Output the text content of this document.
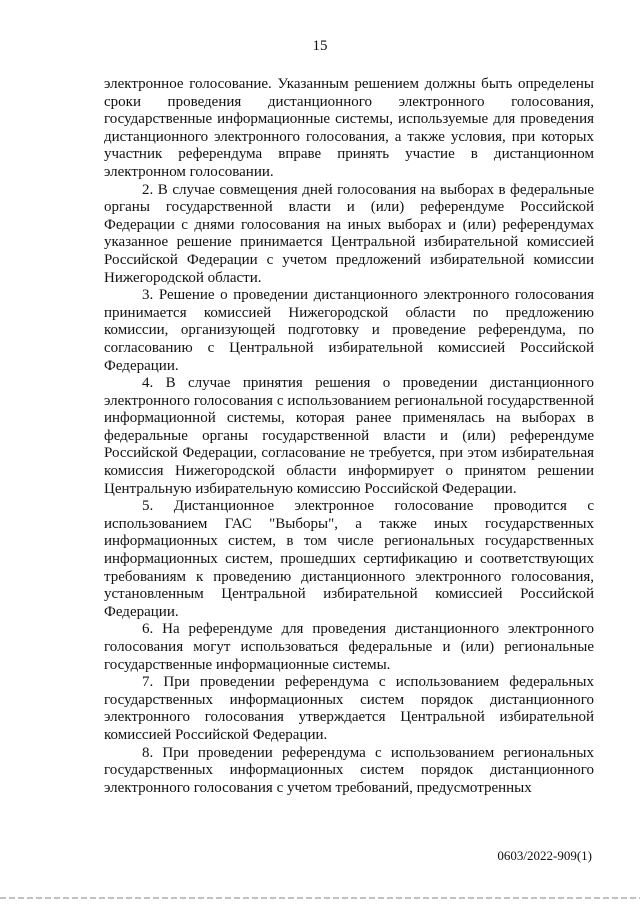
15

электронное голосование. Указанным решением должны быть определены сроки проведения дистанционного электронного голосования, государственные информационные системы, используемые для проведения дистанционного электронного голосования, а также условия, при которых участник референдума вправе принять участие в дистанционном электронном голосовании.

2. В случае совмещения дней голосования на выборах в федеральные органы государственной власти и (или) референдуме Российской Федерации с днями голосования на иных выборах и (или) референдумах указанное решение принимается Центральной избирательной комиссией Российской Федерации с учетом предложений избирательной комиссии Нижегородской области.

3. Решение о проведении дистанционного электронного голосования принимается комиссией Нижегородской области по предложению комиссии, организующей подготовку и проведение референдума, по согласованию с Центральной избирательной комиссией Российской Федерации.

4. В случае принятия решения о проведении дистанционного электронного голосования с использованием региональной государственной информационной системы, которая ранее применялась на выборах в федеральные органы государственной власти и (или) референдуме Российской Федерации, согласование не требуется, при этом избирательная комиссия Нижегородской области информирует о принятом решении Центральную избирательную комиссию Российской Федерации.

5. Дистанционное электронное голосование проводится с использованием ГАС "Выборы", а также иных государственных информационных систем, в том числе региональных государственных информационных систем, прошедших сертификацию и соответствующих требованиям к проведению дистанционного электронного голосования, установленным Центральной избирательной комиссией Российской Федерации.

6. На референдуме для проведения дистанционного электронного голосования могут использоваться федеральные и (или) региональные государственные информационные системы.

7. При проведении референдума с использованием федеральных государственных информационных систем порядок дистанционного электронного голосования утверждается Центральной избирательной комиссией Российской Федерации.

8. При проведении референдума с использованием региональных государственных информационных систем порядок дистанционного электронного голосования с учетом требований, предусмотренных

0603/2022-909(1)
